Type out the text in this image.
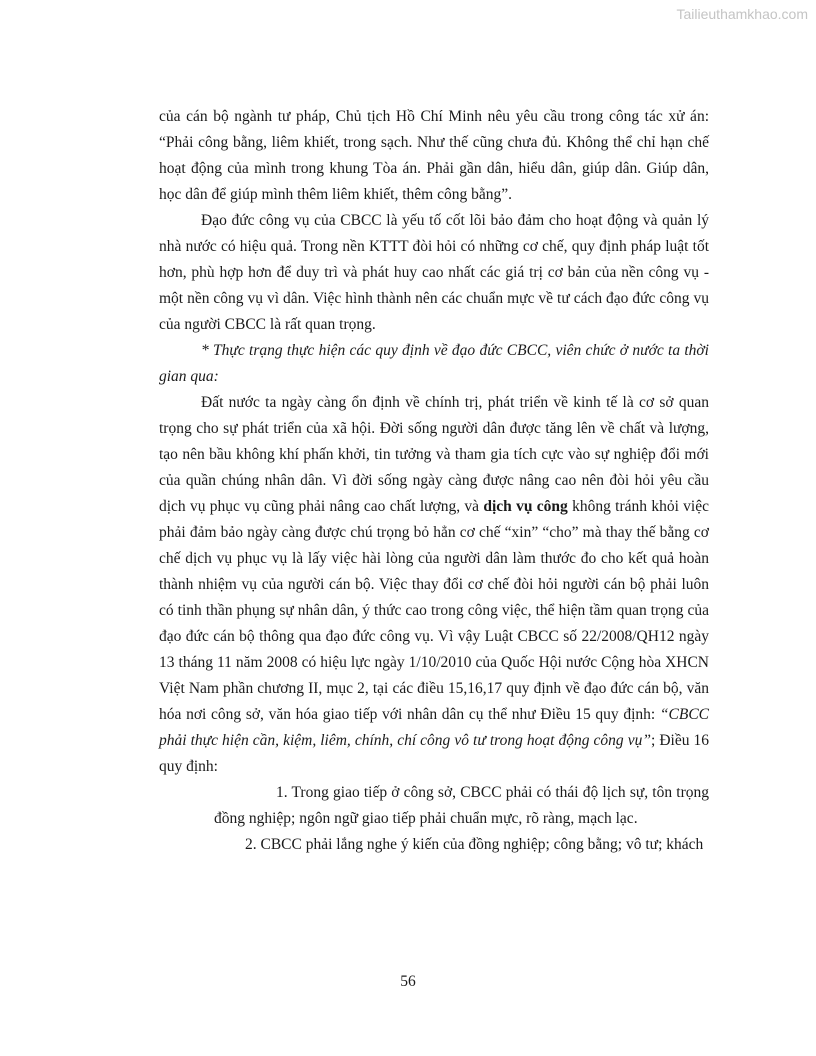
Tailieuthamkhao.com

của cán bộ ngành tư pháp, Chủ tịch Hồ Chí Minh nêu yêu cầu trong công tác xử án: “Phải công bằng, liêm khiết, trong sạch. Như thế cũng chưa đủ. Không thể chỉ hạn chế hoạt động của mình trong khung Tòa án. Phải gần dân, hiểu dân, giúp dân. Giúp dân, học dân để giúp mình thêm liêm khiết, thêm công bằng”.

Đạo đức công vụ của CBCC là yếu tố cốt lõi bảo đảm cho hoạt động và quản lý nhà nước có hiệu quả. Trong nền KTTT đòi hỏi có những cơ chế, quy định pháp luật tốt hơn, phù hợp hơn để duy trì và phát huy cao nhất các giá trị cơ bản của nền công vụ - một nền công vụ vì dân. Việc hình thành nên các chuẩn mực về tư cách đạo đức công vụ của người CBCC là rất quan trọng.

* Thực trạng thực hiện các quy định về đạo đức CBCC, viên chức ở nước ta thời gian qua:

Đất nước ta ngày càng ổn định về chính trị, phát triển về kinh tế là cơ sở quan trọng cho sự phát triển của xã hội. Đời sống người dân được tăng lên về chất và lượng, tạo nên bầu không khí phấn khởi, tin tưởng và tham gia tích cực vào sự nghiệp đổi mới của quần chúng nhân dân. Vì đời sống ngày càng được nâng cao nên đòi hỏi yêu cầu dịch vụ phục vụ cũng phải nâng cao chất lượng, và dịch vụ công không tránh khỏi việc phải đảm bảo ngày càng được chú trọng bỏ hẳn cơ chế “xin” “cho” mà thay thế bằng cơ chế dịch vụ phục vụ là lấy việc hài lòng của người dân làm thước đo cho kết quả hoàn thành nhiệm vụ của người cán bộ. Việc thay đổi cơ chế đòi hỏi người cán bộ phải luôn có tinh thần phụng sự nhân dân, ý thức cao trong công việc, thể hiện tầm quan trọng của đạo đức cán bộ thông qua đạo đức công vụ. Vì vậy Luật CBCC số 22/2008/QH12 ngày 13 tháng 11 năm 2008 có hiệu lực ngày 1/10/2010 của Quốc Hội nước Cộng hòa XHCN Việt Nam phần chương II, mục 2, tại các điều 15,16,17 quy định về đạo đức cán bộ, văn hóa nơi công sở, văn hóa giao tiếp với nhân dân cụ thể như Điều 15 quy định: “CBCC phải thực hiện cần, kiệm, liêm, chính, chí công vô tư trong hoạt động công vụ”; Điều 16 quy định:

1. Trong giao tiếp ở công sở, CBCC phải có thái độ lịch sự, tôn trọng đồng nghiệp; ngôn ngữ giao tiếp phải chuẩn mực, rõ ràng, mạch lạc.

2. CBCC phải lắng nghe ý kiến của đồng nghiệp; công bằng; vô tư; khách

56
